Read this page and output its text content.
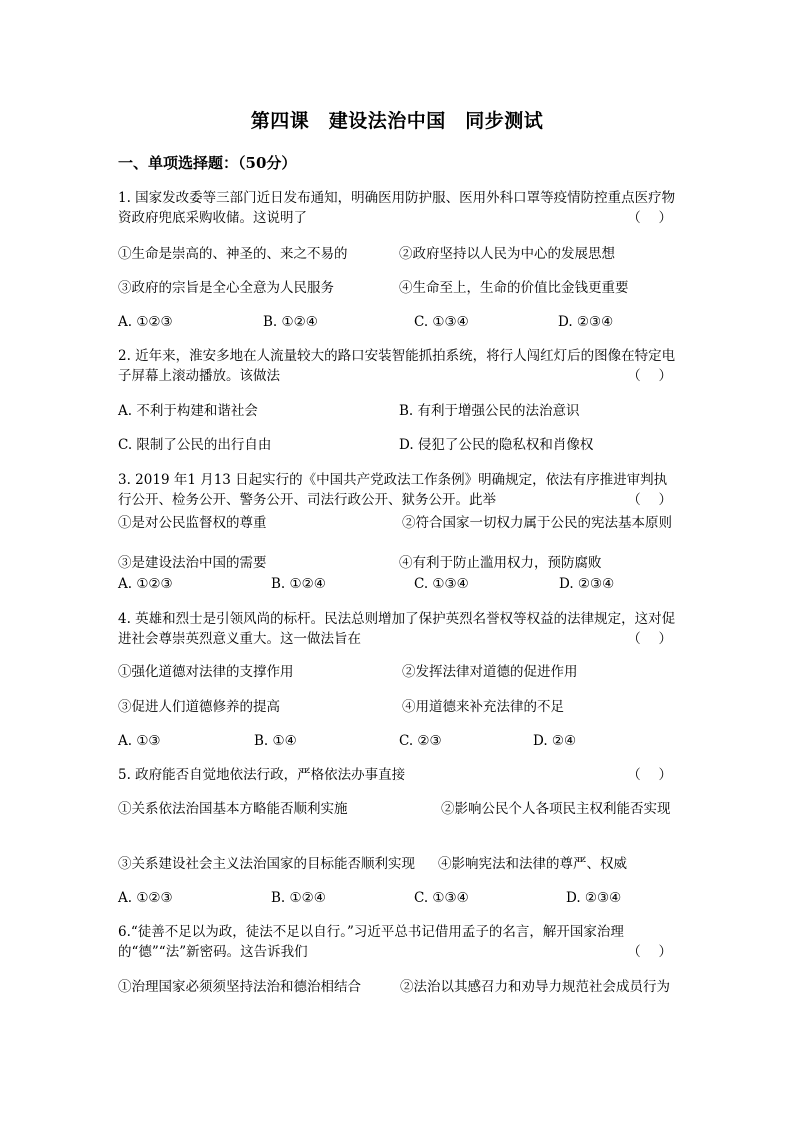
第四课　建设法治中国　同步测试
一、单项选择题：（50分）
1. 国家发改委等三部门近日发布通知，明确医用防护服、医用外科口罩等疫情防控重点医疗物资政府兜底采购收储。这说明了	（　 ）
①生命是崇高的、神圣的、来之不易的	②政府坚持以人民为中心的发展思想
③政府的宗旨是全心全意为人民服务	④生命至上，生命的价值比金钱更重要
A. ①②③	B. ①②④	C. ①③④	D. ②③④
2. 近年来，淮安多地在人流量较大的路口安装智能抓拍系统，将行人闯红灯后的图像在特定电子屏幕上滚动播放。该做法	（　 ）
A. 不利于构建和谐社会	B. 有利于增强公民的法治意识
C. 限制了公民的出行自由	D. 侵犯了公民的隐私权和肖像权
3. 2019 年1 月13 日起实行的《中国共产党政法工作条例》明确规定，依法有序推进审判执行公开、检务公开、警务公开、司法行政公开、狱务公开。此举	（　 ）
①是对公民监督权的尊重	②符合国家一切权力属于公民的宪法基本原则
③是建设法治中国的需要	④有利于防止滥用权力，预防腐败
A. ①②③	B. ①②④	C. ①③④	D. ②③④
4. 英雄和烈士是引领风尚的标杆。民法总则增加了保护英烈名誉权等权益的法律规定，这对促进社会尊崇英烈意义重大。这一做法旨在	（　 ）
①强化道德对法律的支撑作用	②发挥法律对道德的促进作用
③促进人们道德修养的提高	④用道德来补充法律的不足
A. ①③	B. ①④	C. ②③	D. ②④
5. 政府能否自觉地依法行政，严格依法办事直接	（　 ）
①关系依法治国基本方略能否顺利实施	②影响公民个人各项民主权利能否实现
③关系建设社会主义法治国家的目标能否顺利实现 ④影响宪法和法律的尊严、权威
A. ①②③	B. ①②④	C. ①③④	D. ②③④
6.“徒善不足以为政，徒法不足以自行。”习近平总书记借用孟子的名言，解开国家治理的“德”“法”新密码。这告诉我们	（　 ）
①治理国家必须须坚持法治和德治相结合	②法治以其感召力和劝导力规范社会成员行为
